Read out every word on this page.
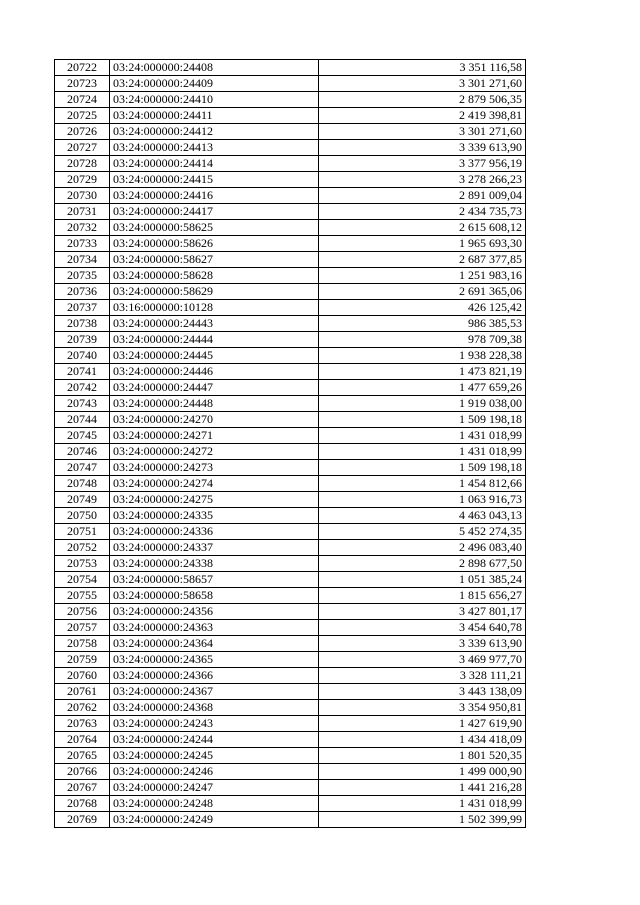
20722	03:24:000000:24408	3 351 116,58
20723	03:24:000000:24409	3 301 271,60
20724	03:24:000000:24410	2 879 506,35
20725	03:24:000000:24411	2 419 398,81
20726	03:24:000000:24412	3 301 271,60
20727	03:24:000000:24413	3 339 613,90
20728	03:24:000000:24414	3 377 956,19
20729	03:24:000000:24415	3 278 266,23
20730	03:24:000000:24416	2 891 009,04
20731	03:24:000000:24417	2 434 735,73
20732	03:24:000000:58625	2 615 608,12
20733	03:24:000000:58626	1 965 693,30
20734	03:24:000000:58627	2 687 377,85
20735	03:24:000000:58628	1 251 983,16
20736	03:24:000000:58629	2 691 365,06
20737	03:16:000000:10128	426 125,42
20738	03:24:000000:24443	986 385,53
20739	03:24:000000:24444	978 709,38
20740	03:24:000000:24445	1 938 228,38
20741	03:24:000000:24446	1 473 821,19
20742	03:24:000000:24447	1 477 659,26
20743	03:24:000000:24448	1 919 038,00
20744	03:24:000000:24270	1 509 198,18
20745	03:24:000000:24271	1 431 018,99
20746	03:24:000000:24272	1 431 018,99
20747	03:24:000000:24273	1 509 198,18
20748	03:24:000000:24274	1 454 812,66
20749	03:24:000000:24275	1 063 916,73
20750	03:24:000000:24335	4 463 043,13
20751	03:24:000000:24336	5 452 274,35
20752	03:24:000000:24337	2 496 083,40
20753	03:24:000000:24338	2 898 677,50
20754	03:24:000000:58657	1 051 385,24
20755	03:24:000000:58658	1 815 656,27
20756	03:24:000000:24356	3 427 801,17
20757	03:24:000000:24363	3 454 640,78
20758	03:24:000000:24364	3 339 613,90
20759	03:24:000000:24365	3 469 977,70
20760	03:24:000000:24366	3 328 111,21
20761	03:24:000000:24367	3 443 138,09
20762	03:24:000000:24368	3 354 950,81
20763	03:24:000000:24243	1 427 619,90
20764	03:24:000000:24244	1 434 418,09
20765	03:24:000000:24245	1 801 520,35
20766	03:24:000000:24246	1 499 000,90
20767	03:24:000000:24247	1 441 216,28
20768	03:24:000000:24248	1 431 018,99
20769	03:24:000000:24249	1 502 399,99
